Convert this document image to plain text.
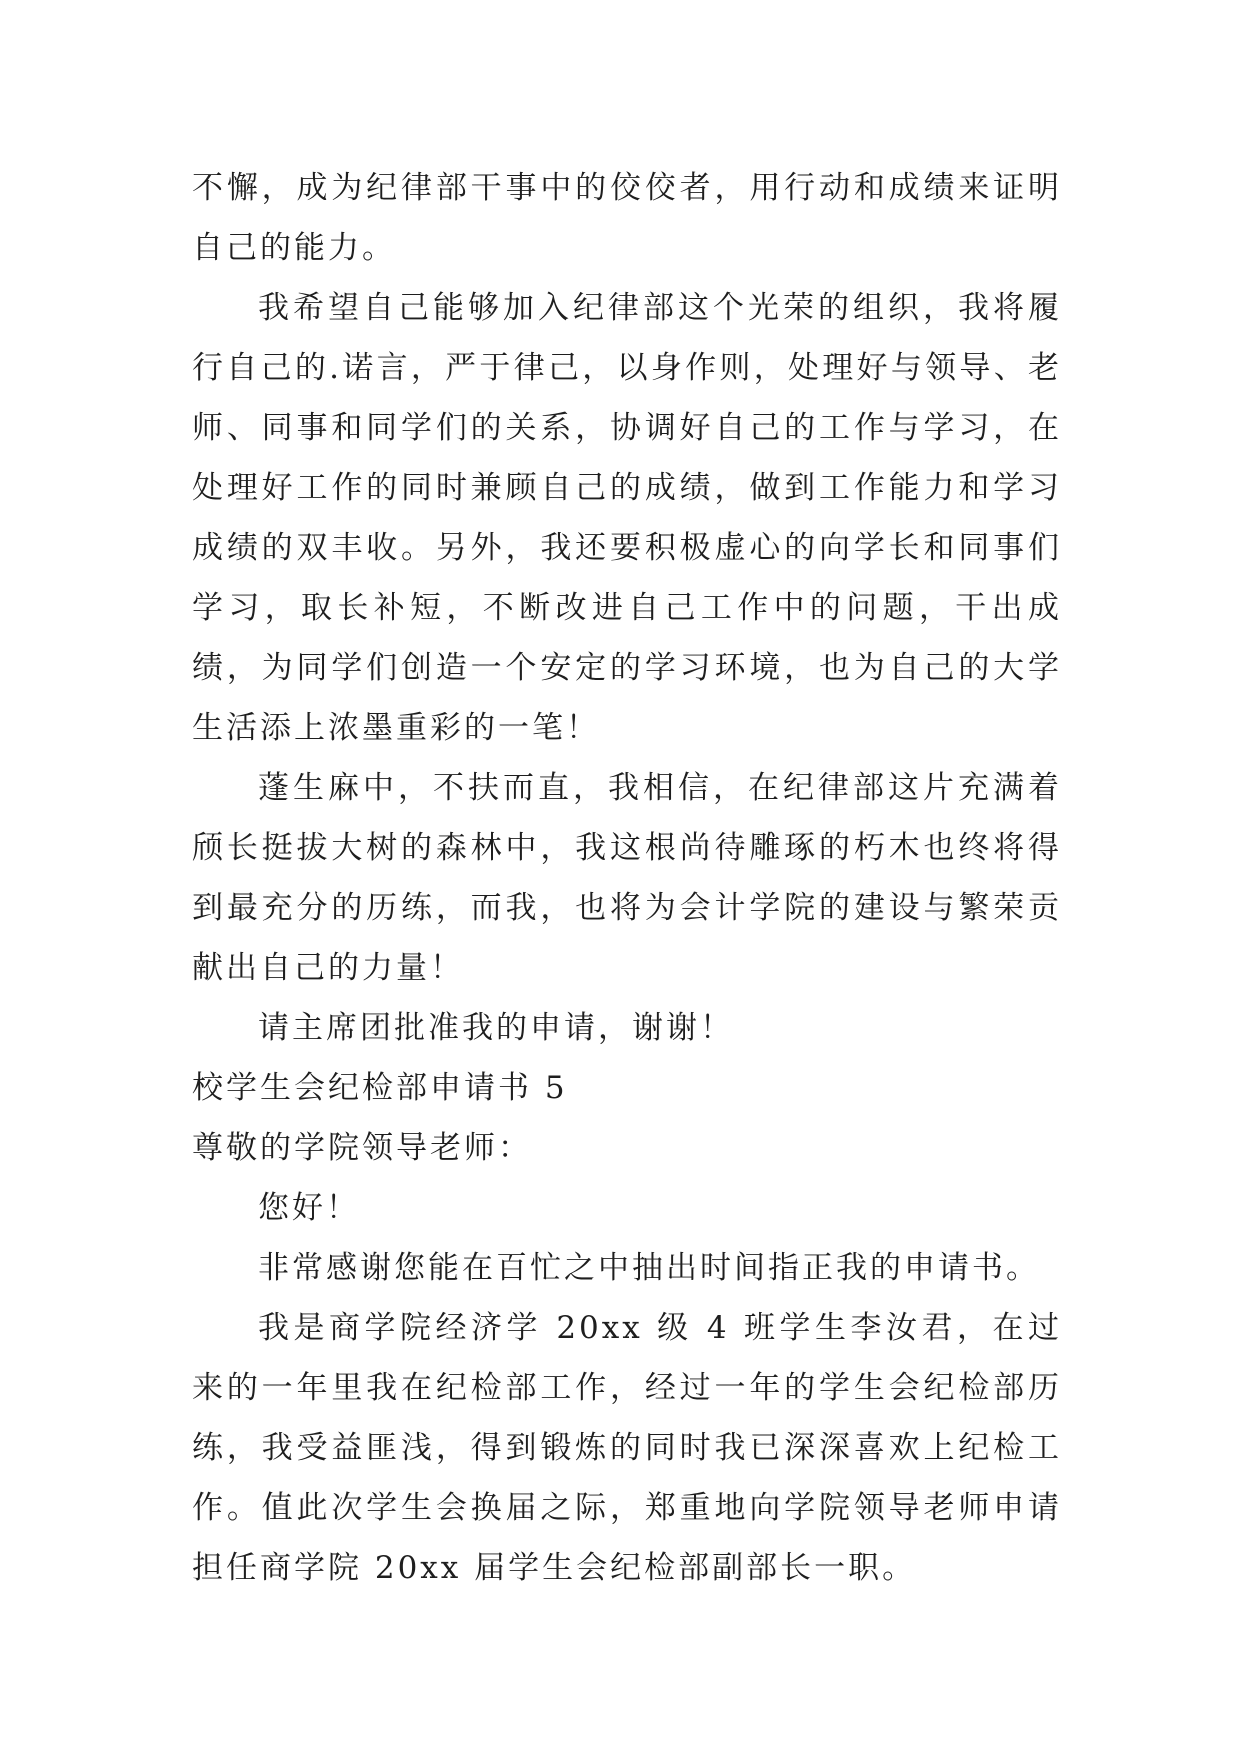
不懈，成为纪律部干事中的佼佼者，用行动和成绩来证明自己的能力。

我希望自己能够加入纪律部这个光荣的组织，我将履行自己的.诺言，严于律己，以身作则，处理好与领导、老师、同事和同学们的关系，协调好自己的工作与学习，在处理好工作的同时兼顾自己的成绩，做到工作能力和学习成绩的双丰收。另外，我还要积极虚心的向学长和同事们学习，取长补短，不断改进自己工作中的问题，干出成绩，为同学们创造一个安定的学习环境，也为自己的大学生活添上浓墨重彩的一笔！

蓬生麻中，不扶而直，我相信，在纪律部这片充满着颀长挺拔大树的森林中，我这根尚待雕琢的朽木也终将得到最充分的历练，而我，也将为会计学院的建设与繁荣贡献出自己的力量！

请主席团批准我的申请，谢谢！

校学生会纪检部申请书 5

尊敬的学院领导老师：

您好！

非常感谢您能在百忙之中抽出时间指正我的申请书。

我是商学院经济学 20xx 级 4 班学生李汝君，在过来的一年里我在纪检部工作，经过一年的学生会纪检部历练，我受益匪浅，得到锻炼的同时我已深深喜欢上纪检工作。值此次学生会换届之际，郑重地向学院领导老师申请担任商学院 20xx 届学生会纪检部副部长一职。
